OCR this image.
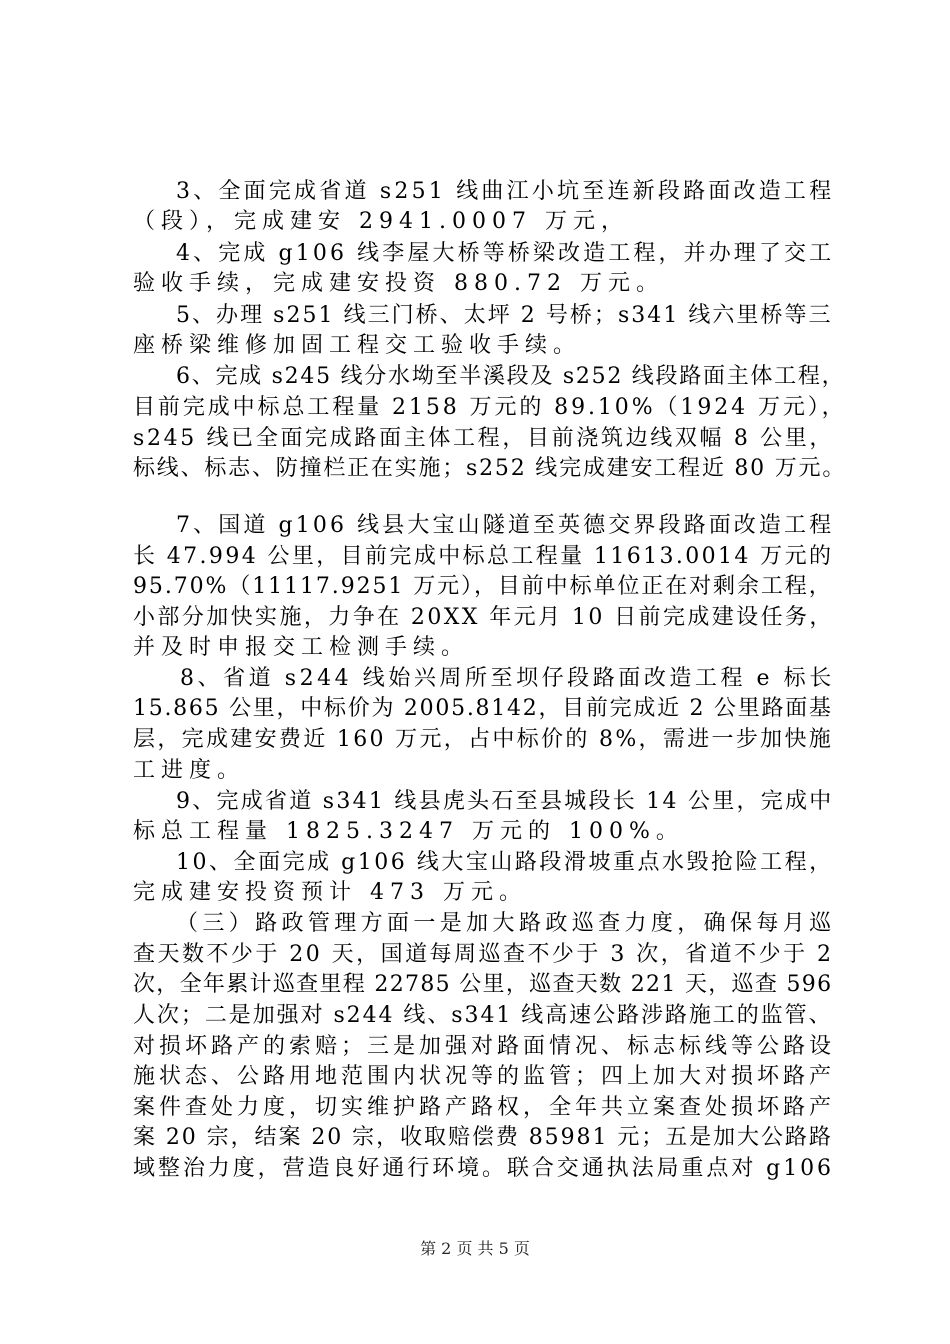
3、全面完成省道 s251 线曲江小坑至连新段路面改造工程
（段），完成建安 2941.0007 万元，
4、完成 g106 线李屋大桥等桥梁改造工程，并办理了交工
验收手续，完成建安投资 880.72 万元。
5、办理 s251 线三门桥、太坪 2 号桥；s341 线六里桥等三
座桥梁维修加固工程交工验收手续。
6、完成 s245 线分水坳至半溪段及 s252 线段路面主体工程，
目前完成中标总工程量 2158 万元的 89.10%（1924 万元），
s245 线已全面完成路面主体工程，目前浇筑边线双幅 8 公里，
标线、标志、防撞栏正在实施；s252 线完成建安工程近 80 万元。
7、国道 g106 线县大宝山隧道至英德交界段路面改造工程
长 47.994 公里，目前完成中标总工程量 11613.0014 万元的
95.70%（11117.9251 万元），目前中标单位正在对剩余工程，
小部分加快实施，力争在 20XX 年元月 10 日前完成建设任务，
并及时申报交工检测手续。
8、省道 s244 线始兴周所至坝仔段路面改造工程 e 标长
15.865 公里，中标价为 2005.8142，目前完成近 2 公里路面基
层，完成建安费近 160 万元，占中标价的 8%，需进一步加快施
工进度。
9、完成省道 s341 线县虎头石至县城段长 14 公里，完成中
标总工程量 1825.3247 万元的 100%。
10、全面完成 g106 线大宝山路段滑坡重点水毁抢险工程，
完成建安投资预计 473 万元。
（三）路政管理方面一是加大路政巡查力度，确保每月巡
查天数不少于 20 天，国道每周巡查不少于 3 次，省道不少于 2
次，全年累计巡查里程 22785 公里，巡查天数 221 天，巡查 596
人次；二是加强对 s244 线、s341 线高速公路涉路施工的监管、
对损坏路产的索赔；三是加强对路面情况、标志标线等公路设
施状态、公路用地范围内状况等的监管；四上加大对损坏路产
案件查处力度，切实维护路产路权，全年共立案查处损坏路产
案 20 宗，结案 20 宗，收取赔偿费 85981 元；五是加大公路路
域整治力度，营造良好通行环境。联合交通执法局重点对 g106
第 2 页 共 5 页
